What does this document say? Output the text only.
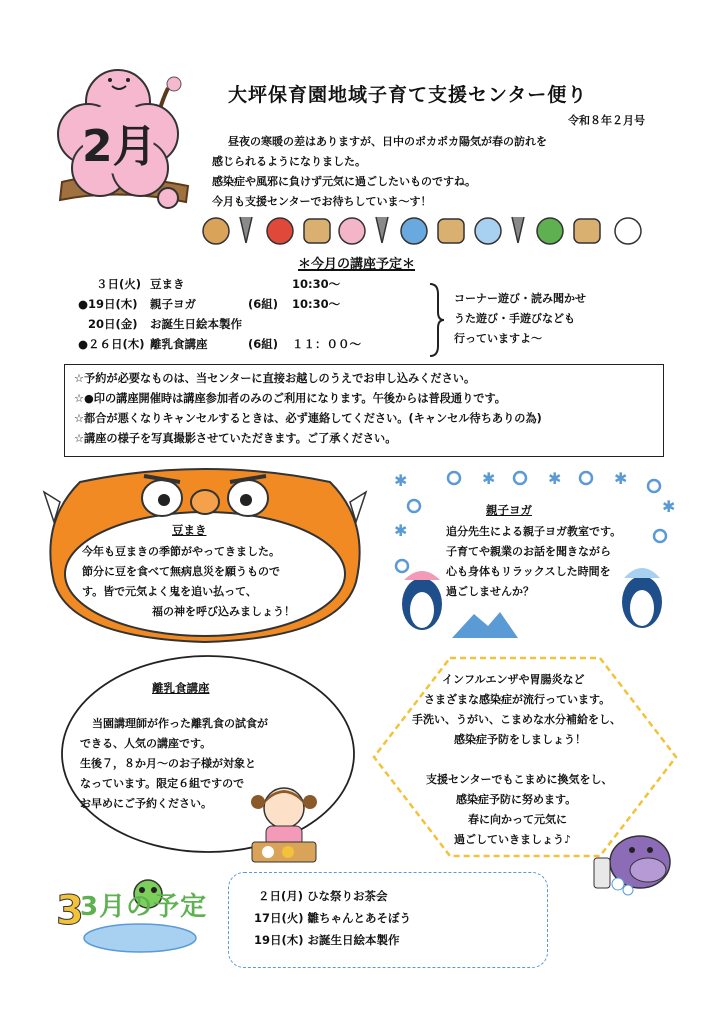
2月
大坪保育園地域子育て支援センター便り
令和８年２月号
昼夜の寒暖の差はありますが、日中のポカポカ陽気が春の訪れを
感じられるようになりました。
感染症や風邪に負けず元気に過ごしたいものですね。
今月も支援センターでお待ちしていま〜す！
＊今月の講座予定＊
３日(火) 豆まき	10:30〜
●19日(木) 親子ヨガ	(6組) 10:30〜
20日(金) お誕生日絵本製作
●２６日(木) 離乳食講座	(6組) １１：００〜
コーナー遊び・読み聞かせ
うた遊び・手遊びなども
行っていますよ〜
☆予約が必要なものは、当センターに直接お越しのうえでお申し込みください。
☆●印の講座開催時は講座参加者のみのご利用になります。午後からは普段通りです。
☆都合が悪くなりキャンセルするときは、必ず連絡してください。(キャンセル待ちありの為)
☆講座の様子を写真撮影させていただきます。ご了承ください。
豆まき
今年も豆まきの季節がやってきました。
節分に豆を食べて無病息災を願うもので
す。皆で元気よく鬼を追い払って、
福の神を呼び込みましょう！
✱	✱	✱
✱
✱
✱
親子ヨガ
追分先生による親子ヨガ教室です。
子育てや親業のお話を聞きながら
心も身体もリラックスした時間を
過ごしませんか？
離乳食講座
当園講理師が作った離乳食の試食が
できる、人気の講座です。
生後７，８か月〜のお子様が対象と
なっています。限定６組ですので
お早めにご予約ください。
インフルエンザや胃腸炎など
さまざまな感染症が流行っています。
手洗い、うがい、こまめな水分補給をし、
感染症予防をしましょう！
支援センターでもこまめに換気をし、
感染症予防に努めます。
春に向かって元気に
過ごしていきましょう♪
3
3月の予定	２日(月) ひな祭りお茶会
17日(火) 雛ちゃんとあそぼう
19日(木) お誕生日絵本製作
